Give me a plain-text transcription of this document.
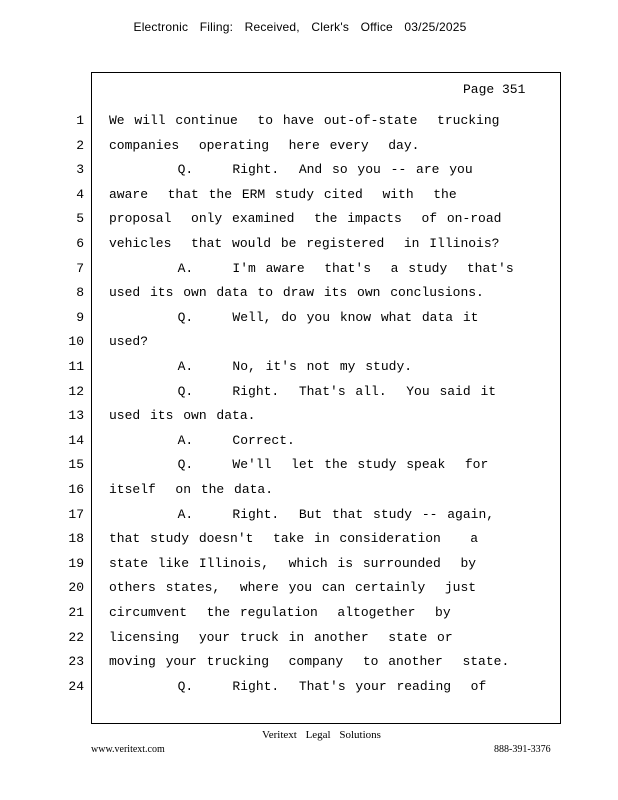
Electronic Filing: Received, Clerk's Office 03/25/2025
Page 351
1 We will continue  to have out-of-state  trucking
2 companies  operating  here every  day.
3 Q.    Right.  And so you -- are you
4 aware  that the ERM study cited  with  the
5 proposal  only examined  the impacts  of on-road
6 vehicles  that would be registered  in Illinois?
7 A.    I'm aware  that's  a study  that's
8 used its own data to draw its own conclusions.
9 Q.    Well, do you know what data it
10 used?
11 A.    No, it's not my study.
12 Q.    Right.  That's all.  You said it
13 used its own data.
14 A.    Correct.
15 Q.    We'll  let the study speak  for
16 itself  on the data.
17 A.    Right.  But that study -- again,
18 that study doesn't  take in consideration   a
19 state like Illinois,  which is surrounded  by
20 others states,  where you can certainly  just
21 circumvent  the regulation  altogether  by
22 licensing  your truck in another  state or
23 moving your trucking  company  to another  state.
24 Q.    Right.  That's your reading  of
Veritext Legal Solutions
www.veritext.com	888-391-3376
